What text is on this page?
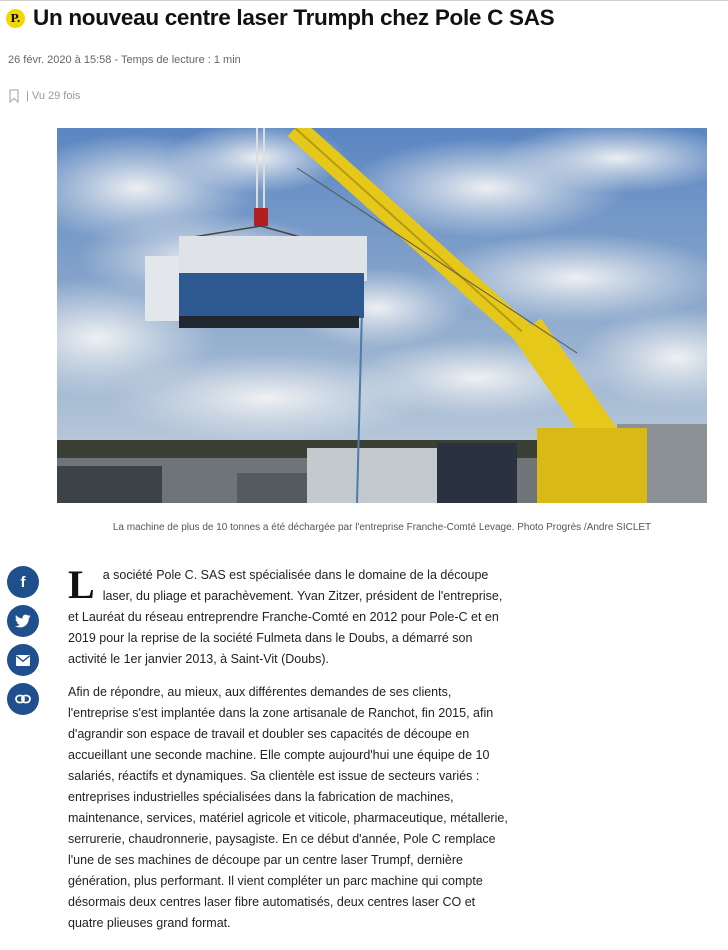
P. Un nouveau centre laser Trumph chez Pole C SAS
26 févr. 2020 à 15:58 - Temps de lecture : 1 min
| Vu 29 fois
La machine de plus de 10 tonnes a été déchargée par l'entreprise Franche-Comté Levage. Photo Progrès /Andre SICLET
f La société Pole C. SAS est spécialisée dans le domaine de la découpe laser, du pliage et parachèvement. Yvan Zitzer, président de l'entreprise, et Lauréat du réseau entreprendre Franche-Comté en 2012 pour Pole-C et en 2019 pour la reprise de la société Fulmeta dans le Doubs, a démarré son activité le 1er janvier 2013, à Saint-Vit (Doubs).

Afin de répondre, au mieux, aux différentes demandes de ses clients, l'entreprise s'est implantée dans la zone artisanale de Ranchot, fin 2015, afin d'agrandir son espace de travail et doubler ses capacités de découpe en accueillant une seconde machine. Elle compte aujourd'hui une équipe de 10 salariés, réactifs et dynamiques. Sa clientèle est issue de secteurs variés : entreprises industrielles spécialisées dans la fabrication de machines, maintenance, services, matériel agricole et viticole, pharmaceutique, métallerie, serrurerie, chaudronnerie, paysagiste. En ce début d'année, Pole C remplace l'une de ses machines de découpe par un centre laser Trumpf, dernière génération, plus performant. Il vient compléter un parc machine qui compte désormais deux centres laser fibre automatisés, deux centres laser CO et quatre plieuses grand format.
